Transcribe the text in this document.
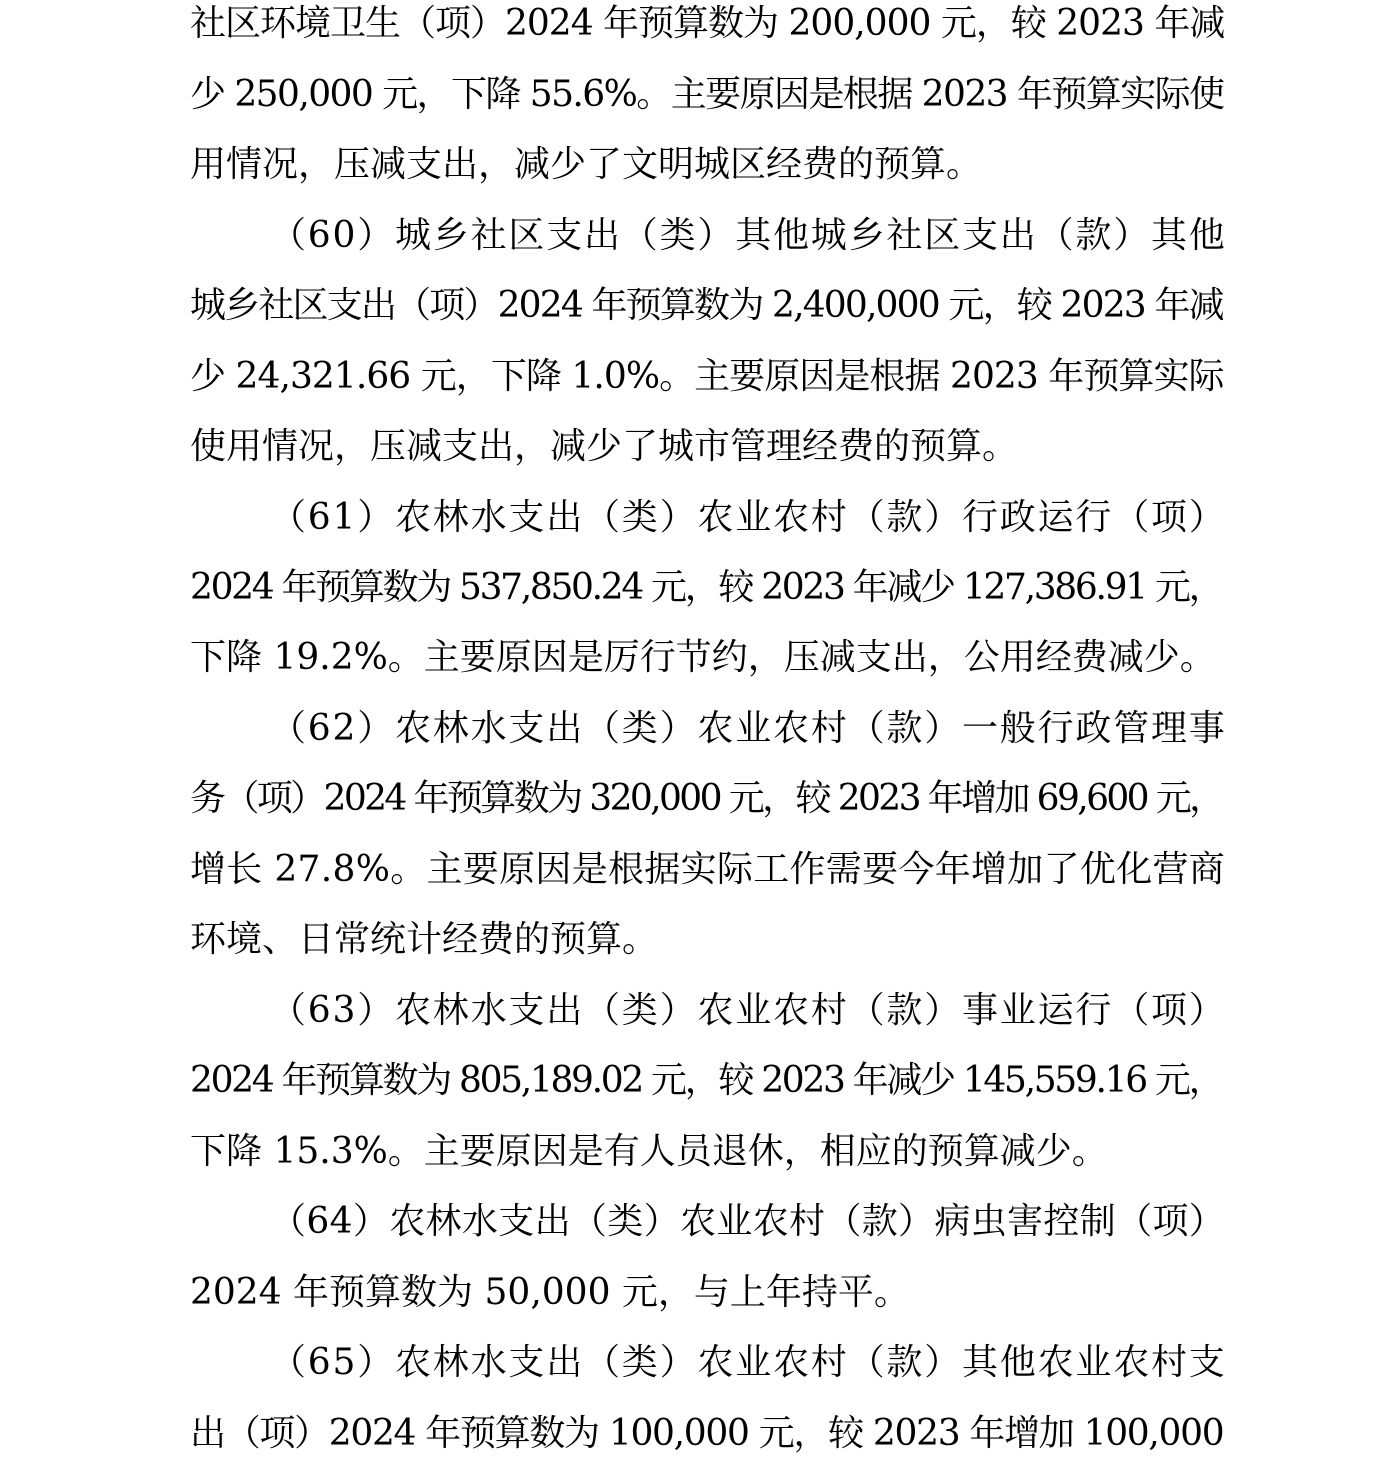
社区环境卫生（项）2024 年预算数为 200,000 元，较 2023 年减
少 250,000 元，下降 55.6%。主要原因是根据 2023 年预算实际使
用情况，压减支出，减少了文明城区经费的预算。
（60）城乡社区支出（类）其他城乡社区支出（款）其他
城乡社区支出（项）2024 年预算数为 2,400,000 元，较 2023 年减
少 24,321.66 元，下降 1.0%。主要原因是根据 2023 年预算实际
使用情况，压减支出，减少了城市管理经费的预算。
（61）农林水支出（类）农业农村（款）行政运行（项）
2024 年预算数为 537,850.24 元，较 2023 年减少 127,386.91 元，
下降 19.2%。主要原因是厉行节约，压减支出，公用经费减少。
（62）农林水支出（类）农业农村（款）一般行政管理事
务（项）2024 年预算数为 320,000 元，较 2023 年增加 69,600 元，
增长 27.8%。主要原因是根据实际工作需要今年增加了优化营商
环境、日常统计经费的预算。
（63）农林水支出（类）农业农村（款）事业运行（项）
2024 年预算数为 805,189.02 元，较 2023 年减少 145,559.16 元，
下降 15.3%。主要原因是有人员退休，相应的预算减少。
（64）农林水支出（类）农业农村（款）病虫害控制（项）
2024 年预算数为 50,000 元，与上年持平。
（65）农林水支出（类）农业农村（款）其他农业农村支
出（项）2024 年预算数为 100,000 元，较 2023 年增加 100,000
